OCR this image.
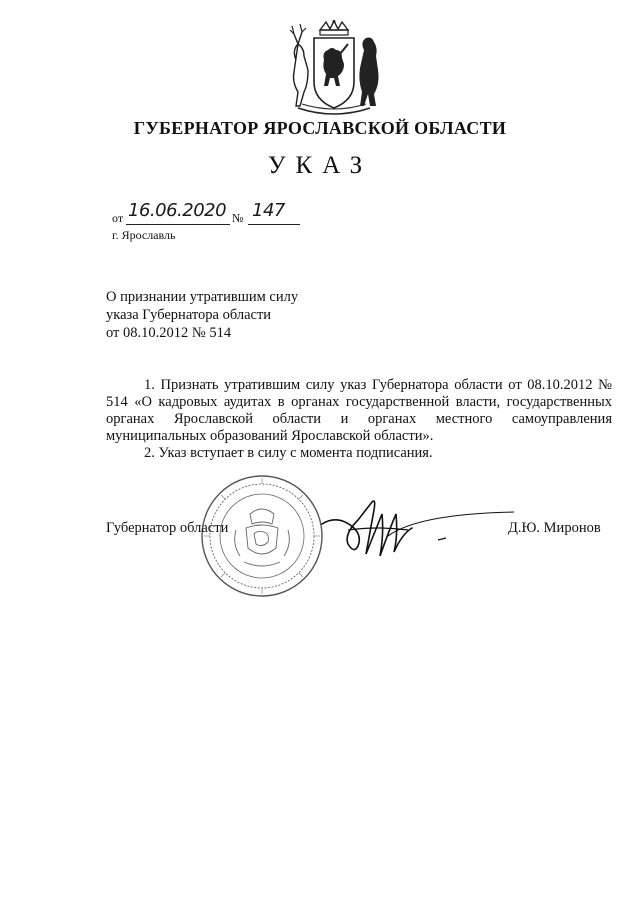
ГУБЕРНАТОР ЯРОСЛАВСКОЙ ОБЛАСТИ
УКАЗ
от 16.06.2020 № 147
г. Ярославль
О признании утратившим силу
указа Губернатора области
от 08.10.2012 № 514

1. Признать утратившим силу указ Губернатора области от 08.10.2012 № 514 «О кадровых аудитах в органах государственной власти, государственных органах Ярославской области и органах местного самоуправления муниципальных образований Ярославской области».

2. Указ вступает в силу с момента подписания.

Губернатор области	Д.Ю. Миронов
